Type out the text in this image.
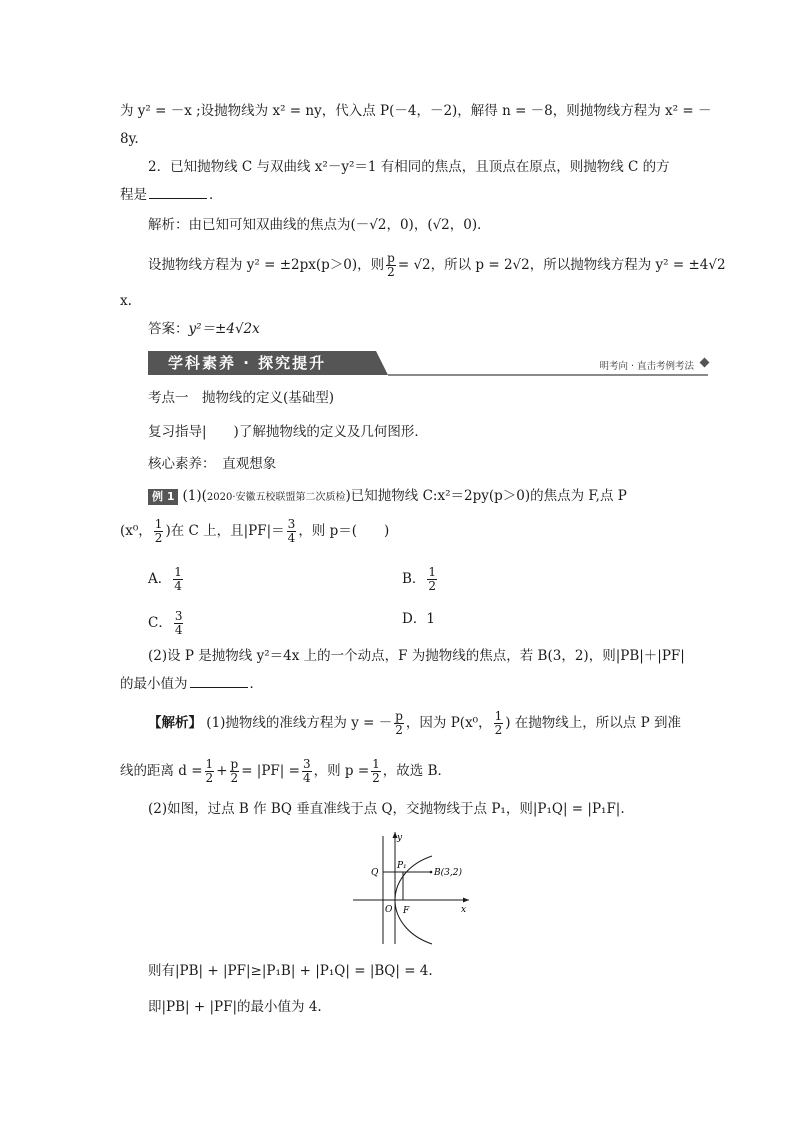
为 y² = －x ;设抛物线为 x² = ny，代入点 P(－4，－2)，解得 n = －8，则抛物线方程为 x² = －
8y.
2．已知抛物线 C 与双曲线 x²－y²＝1 有相同的焦点，且顶点在原点，则抛物线 C 的方
程是	．
解析：由已知可知双曲线的焦点为(－√2，0)，(√2，0)．
设抛物线方程为 y² = ±2px(p＞0)，则 $\frac{p}{2} = √2$，所以 p = 2√2，所以抛物线方程为 y² = ±4√2
x.
答案：y²＝±4√2x
学科素养 · 探究提升	明考向 · 直击考例考法
考点一　抛物线的定义(基础型)
复习指导|　　)了解抛物线的定义及几何图形．
核心素养：　直观想象
例 1 (1)(2020·安徽五校联盟第二次质检)已知抛物线 C:x²＝2py(p＞0)的焦点为 F,点 P
(x⁰， $\frac{1}{2}$ )在 C 上，且$|PF|= \frac{3}{4}$ ，则 p＝(　　)
A． $\frac{1}{4}$	B． $\frac{1}{2}$
C． $\frac{3}{4}$	D．1
(2)设 P 是抛物线 y²＝4x 上的一个动点，F 为抛物线的焦点，若 B(3，2)，则|PB|＋|PF|
的最小值为	．
【解析】 (1)抛物线的准线方程为 y = － $\frac{p}{2}$ ，因为 P(x⁰， $\frac{1}{2}$ ) 在抛物线上，所以点 P 到准
线的距离 $d = \frac{1}{2} + \frac{p}{2} = |PF| = \frac{3}{4}$ ，则 $p = \frac{1}{2}$ ，故选 B．
(2)如图，过点 B 作 BQ 垂直准线于点 Q，交抛物线于点 P₁，则|P₁Q| = |P₁F|.
y
x
O
Q
P₁
B(3,2)
F
则有|PB| + |PF|≥|P₁B| + |P₁Q| = |BQ| = 4.
即|PB| + |PF|的最小值为 4.
